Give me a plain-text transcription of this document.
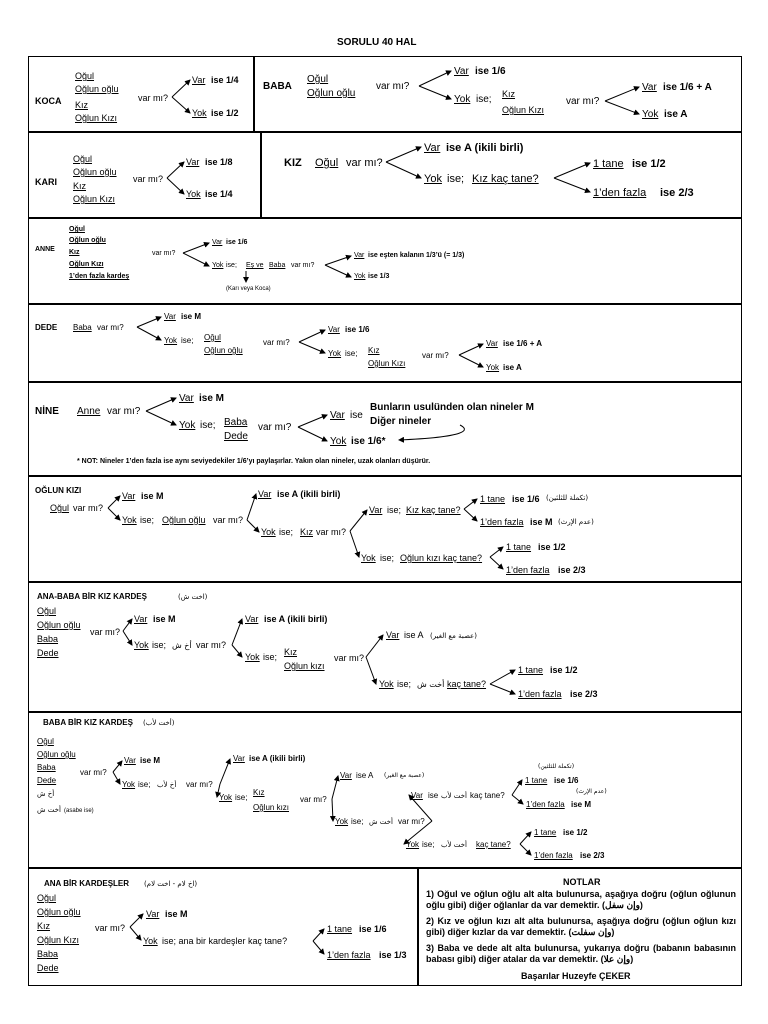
SORULU 40 HAL
KOCA
Oğul
Oğlun oğlu
Kız
Oğlun Kızı
var mı?
Var ise 1/4
Yok ise 1/2
BABA
Oğul
Oğlun oğlu
var mı?
Var ise 1/6
Yok ise; Kız
Oğlun Kızı
var mı?
Var ise 1/6 + A
Yok ise A
KARI
Oğul
Oğlun oğlu
Kız
Oğlun Kızı
var mı?
Var ise 1/8
Yok ise 1/4
KIZ Oğul var mı?
Var ise A (ikili birli)
Yok ise; Kız kaç tane?
1 tane ise 1/2
1’den fazla ise 2/3
ANNE
Oğul
Oğlun oğlu
Kız
Oğlun Kızı
1’den fazla kardeş
var mı?
Var ise 1/6
Yok ise; Eş ve Baba var mı?
(Karı veya Koca)
Var ise eşten kalanın 1/3’ü (= 1/3)
Yok ise 1/3
DEDE Baba var mı?
Var ise M
Yok ise; Oğul
Oğlun oğlu
var mı?
Var ise 1/6
Yok ise; Kız
Oğlun Kızı
var mı?
Var ise 1/6 + A
Yok ise A
NİNE Anne var mı?
Var ise M
Yok ise; Baba
Dede
var mı?
Var ise
Bunların usulünden olan nineler M
Diğer nineler
Yok ise 1/6*
* NOT: Nineler 1’den fazla ise aynı seviyedekiler 1/6’yı paylaşırlar. Yakın olan nineler, uzak olanları düşürür.
OĞLUN KIZI
Oğul var mı?
Var ise M
Yok ise; Oğlun oğlu var mı?
Var ise A (ikili birli)
Yok ise; Kız var mı?
Var ise; Kız kaç tane?
1 tane ise 1/6 (تكملة للثلثين)
1’den fazla ise M (عدم الإرث)
Yok ise; Oğlun kızı kaç tane?
1 tane ise 1/2
1’den fazla ise 2/3
ANA-BABA BİR KIZ KARDEŞ	(اخت ش)
Oğul
Oğlun oğlu
Baba
Dede
var mı?
Var ise M
Yok ise; أخ ش var mı?
Var ise A (ikili birli)
Yok ise; Kız
Oğlun kızı
var mı?
Var ise A (عصبة مع الغير)
Yok ise; أخت ش kaç tane?
1 tane ise 1/2
1’den fazla ise 2/3
BABA BİR KIZ KARDEŞ (أخت لأب)
Oğul
Oğlun oğlu
Baba
Dede
أخ ش
أخت ش (asabe ise)
var mı?
Var ise M
Yok ise; أخ لأب var mı?
Var ise A (ikili birli)
Yok ise;
Kız
Oğlun kızı
var mı?
Var ise A (عصبة مع الغير)
Yok ise; أخت ش var mı?
Var ise أخت لأب kaç tane?
(تكملة للثلثين)
1 tane ise 1/6
(عدم الإرث)
1’den fazla ise M
Yok ise; أخت لأب kaç tane?
1 tane ise 1/2
1’den fazla ise 2/3
ANA BİR KARDEŞLER (اخ لام - اخت لام)
Oğul
Oğlun oğlu
Kız
Oğlun Kızı
Baba
Dede
var mı?
Var ise M
Yok ise; ana bir kardeşler kaç tane?
1 tane ise 1/6
1’den fazla ise 1/3
NOTLAR
1) Oğul ve oğlun oğlu alt alta bulunursa, aşağıya doğru (oğlun oğlunun oğlu gibi) diğer oğlanlar da var demektir. (وإن سفل)
2) Kız ve oğlun kızı alt alta bulunursa, aşağıya doğru (oğlun oğlun kızı gibi) diğer kızlar da var demektir. (وإن سفلت)
3) Baba ve dede alt alta bulunursa, yukarıya doğru (babanın babasının babası gibi) diğer atalar da var demektir. (وإن علا)
Başarılar Huzeyfe ÇEKER
